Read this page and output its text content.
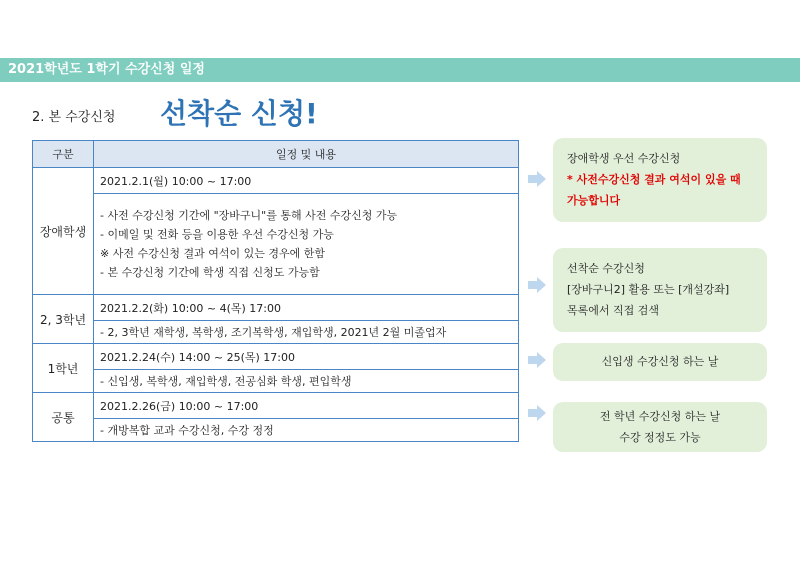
2021학년도 1학기 수강신청 일정
2. 본 수강신청 선착순 신청!
구분	일정 및 내용
장애학생	2021.2.1(월) 10:00 ~ 17:00

	- 사전 수강신청 기간에 "장바구니"를 통해 사전 수강신청 가능
- 이메일 및 전화 등을 이용한 우선 수강신청 가능
※ 사전 수강신청 결과 여석이 있는 경우에 한함
- 본 수강신청 기간에 학생 직접 신청도 가능함

2, 3학년	2021.2.2(화) 10:00 ~ 4(목) 17:00
	- 2, 3학년 재학생, 복학생, 조기복학생, 재입학생, 2021년 2월 미졸업자
1학년	2021.2.24(수) 14:00 ~ 25(목) 17:00
	- 신입생, 복학생, 재입학생, 전공심화 학생, 편입학생
공통	2021.2.26(금) 10:00 ~ 17:00
	- 개방복합 교과 수강신청, 수강 정정
장애학생 우선 수강신청
* 사전수강신청 결과 여석이 있을 때
가능합니다
선착순 수강신청
[장바구니2] 활용 또는 [개설강좌]
목록에서 직접 검색
신입생 수강신청 하는 날
전 학년 수강신청 하는 날
수강 정정도 가능
